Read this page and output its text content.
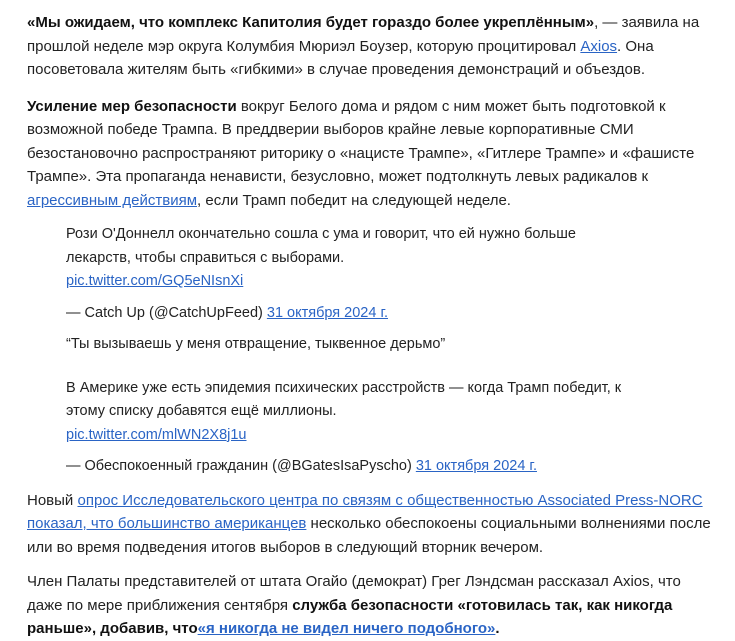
«Мы ожидаем, что комплекс Капитолия будет гораздо более укреплённым», — заявила на прошлой неделе мэр округа Колумбия Мюриэл Боузер, которую процитировал Axios. Она посоветовала жителям быть «гибкими» в случае проведения демонстраций и объездов.

Усиление мер безопасности вокруг Белого дома и рядом с ним может быть подготовкой к возможной победе Трампа. В преддверии выборов крайне левые корпоративные СМИ безостановочно распространяют риторику о «нацисте Трампе», «Гитлере Трампе» и «фашисте Трампе». Эта пропаганда ненависти, безусловно, может подтолкнуть левых радикалов к агрессивным действиям, если Трамп победит на следующей неделе.

Рози О'Доннелл окончательно сошла с ума и говорит, что ей нужно больше лекарств, чтобы справиться с выборами.
pic.twitter.com/GQ5eNIsnXi

— Catch Up (@CatchUpFeed) 31 октября 2024 г.

“Ты вызываешь у меня отвращение, тыквенное дерьмо”

В Америке уже есть эпидемия психических расстройств — когда Трамп победит, к этому списку добавятся ещё миллионы.
pic.twitter.com/mlWN2X8j1u

— Обеспокоенный гражданин (@BGatesIsaPyscho) 31 октября 2024 г.

Новый опрос Исследовательского центра по связям с общественностью Associated Press-NORC показал, что большинство американцев несколько обеспокоены социальными волнениями после или во время подведения итогов выборов в следующий вторник вечером.

Член Палаты представителей от штата Огайо (демократ) Грег Лэндсман рассказал Axios, что даже по мере приближения сентября служба безопасности «готовилась так, как никогда раньше», добавив, что«я никогда не видел ничего подобного».
